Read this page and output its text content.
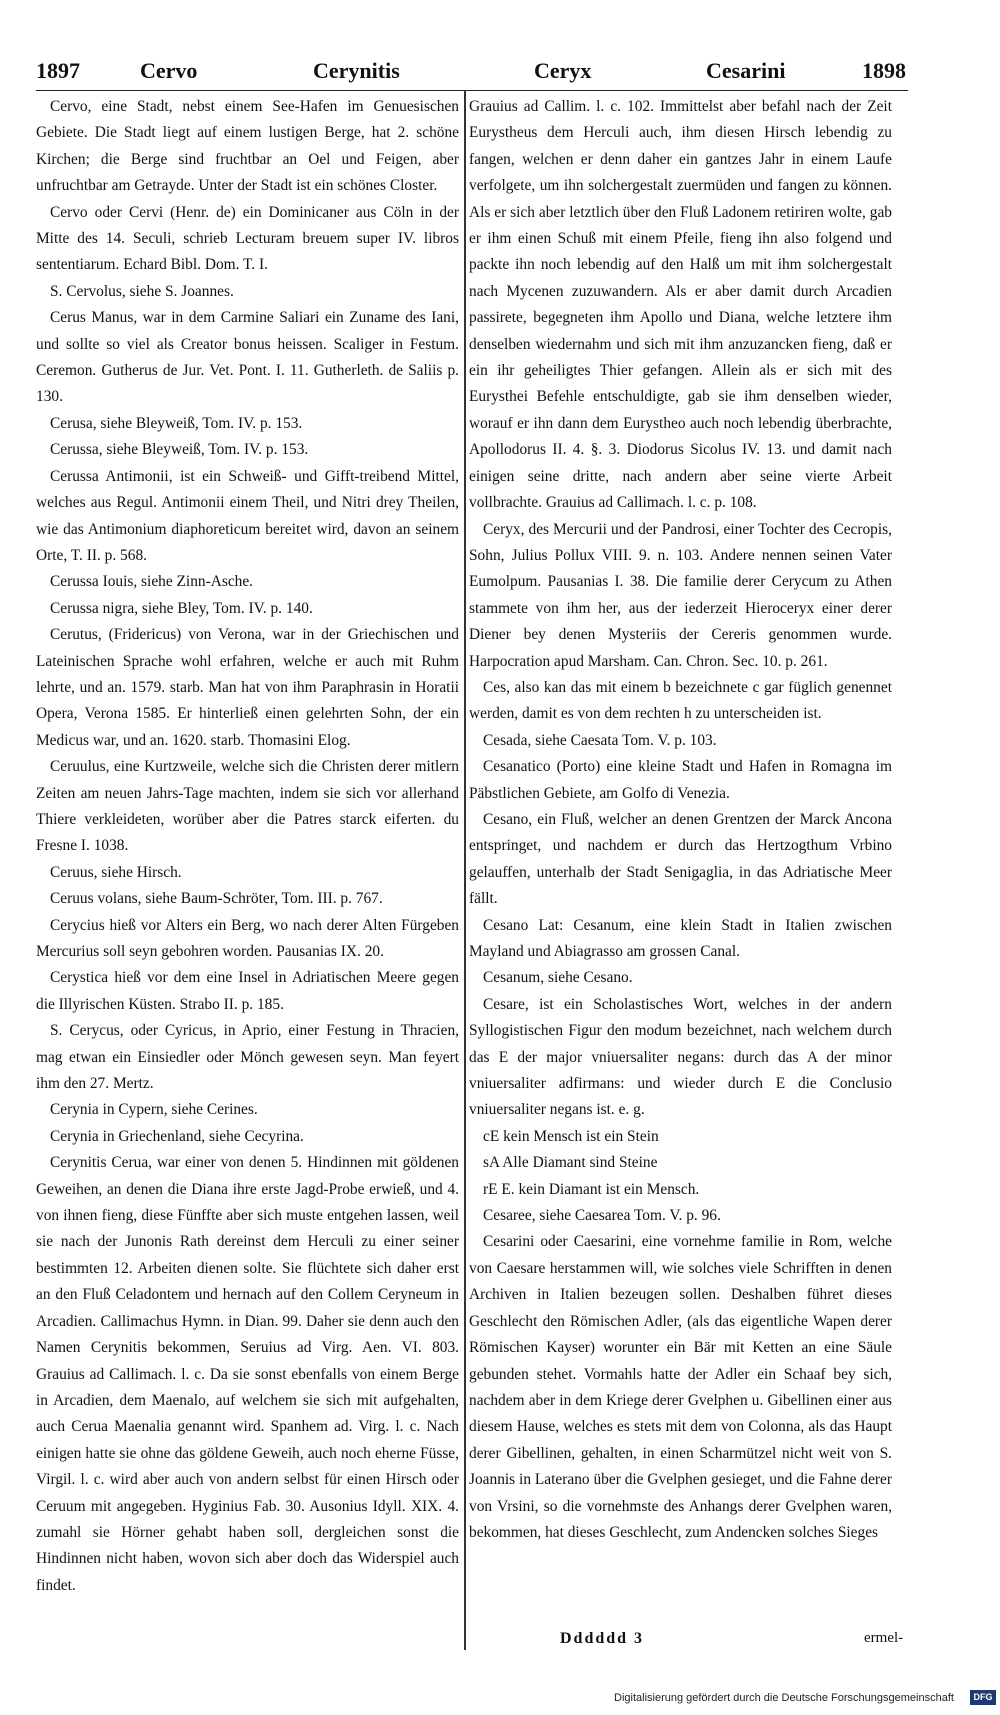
1897	Cervo	Cerynitis	Ceryx	Cesarini	1898

Cervo, eine Stadt, nebst einem See-Hafen im Genuesischen Gebiete. Die Stadt liegt auf einem lustigen Berge, hat 2. schöne Kirchen; die Berge sind fruchtbar an Oel und Feigen, aber unfruchtbar am Getrayde. Unter der Stadt ist ein schönes Closter.

Cervo oder Cervi (Henr. de) ein Dominicaner aus Cöln in der Mitte des 14. Seculi, schrieb Lecturam breuem super IV. libros sententiarum. Echard Bibl. Dom. T. I.

S. Cervolus, siehe S. Joannes.

Cerus Manus, war in dem Carmine Saliari ein Zuname des Iani, und sollte so viel als Creator bonus heissen. Scaliger in Festum. Ceremon. Gutherus de Jur. Vet. Pont. I. 11. Gutherleth. de Saliis p. 130.

Cerusa, siehe Bleyweiß, Tom. IV. p. 153.

Cerussa, siehe Bleyweiß, Tom. IV. p. 153.

Cerussa Antimonii, ist ein Schweiß- und Gifft-treibend Mittel, welches aus Regul. Antimonii einem Theil, und Nitri drey Theilen, wie das Antimonium diaphoreticum bereitet wird, davon an seinem Orte, T. II. p. 568.

Cerussa Iouis, siehe Zinn-Asche.

Cerussa nigra, siehe Bley, Tom. IV. p. 140.

Cerutus, (Fridericus) von Verona, war in der Griechischen und Lateinischen Sprache wohl erfahren, welche er auch mit Ruhm lehrte, und an. 1579. starb. Man hat von ihm Paraphrasin in Horatii Opera, Verona 1585. Er hinterließ einen gelehrten Sohn, der ein Medicus war, und an. 1620. starb. Thomasini Elog.

Ceruulus, eine Kurtzweile, welche sich die Christen derer mitlern Zeiten am neuen Jahrs-Tage machten, indem sie sich vor allerhand Thiere verkleideten, worüber aber die Patres starck eiferten. du Fresne I. 1038.

Ceruus, siehe Hirsch.

Ceruus volans, siehe Baum-Schröter, Tom. III. p. 767.

Cerycius hieß vor Alters ein Berg, wo nach derer Alten Fürgeben Mercurius soll seyn gebohren worden. Pausanias IX. 20.

Cerystica hieß vor dem eine Insel in Adriatischen Meere gegen die Illyrischen Küsten. Strabo II. p. 185.

S. Cerycus, oder Cyricus, in Aprio, einer Festung in Thracien, mag etwan ein Einsiedler oder Mönch gewesen seyn. Man feyert ihm den 27. Mertz.

Cerynia in Cypern, siehe Cerines.

Cerynia in Griechenland, siehe Cecyrina.

Cerynitis Cerua, war einer von denen 5. Hindinnen mit göldenen Geweihen, an denen die Diana ihre erste Jagd-Probe erwieß, und 4. von ihnen fieng, diese Fünffte aber sich muste entgehen lassen, weil sie nach der Junonis Rath dereinst dem Herculi zu einer seiner bestimmten 12. Arbeiten dienen solte. Sie flüchtete sich daher erst an den Fluß Celadontem und hernach auf den Collem Ceryneum in Arcadien. Callimachus Hymn. in Dian. 99. Daher sie denn auch den Namen Cerynitis bekommen, Seruius ad Virg. Aen. VI. 803. Grauius ad Callimach. l. c. Da sie sonst ebenfalls von einem Berge in Arcadien, dem Maenalo, auf welchem sie sich mit aufgehalten, auch Cerua Maenalia genannt wird. Spanhem ad. Virg. l. c. Nach einigen hatte sie ohne das göldene Geweih, auch noch eherne Füsse, Virgil. l. c. wird aber auch von andern selbst für einen Hirsch oder Ceruum mit angegeben. Hyginius Fab. 30. Ausonius Idyll. XIX. 4. zumahl sie Hörner gehabt haben soll, dergleichen sonst die Hindinnen nicht haben, wovon sich aber doch das Widerspiel auch findet.

Grauius ad Callim. l. c. 102. Immittelst aber befahl nach der Zeit Eurystheus dem Herculi auch, ihm diesen Hirsch lebendig zu fangen, welchen er denn daher ein gantzes Jahr in einem Laufe verfolgete, um ihn solchergestalt zuermüden und fangen zu können. Als er sich aber letztlich über den Fluß Ladonem retiriren wolte, gab er ihm einen Schuß mit einem Pfeile, fieng ihn also folgend und packte ihn noch lebendig auf den Halß um mit ihm solchergestalt nach Mycenen zuzuwandern. Als er aber damit durch Arcadien passirete, begegneten ihm Apollo und Diana, welche letztere ihm denselben wiedernahm und sich mit ihm anzuzancken fieng, daß er ein ihr geheiligtes Thier gefangen. Allein als er sich mit des Eurysthei Befehle entschuldigte, gab sie ihm denselben wieder, worauf er ihn dann dem Eurystheo auch noch lebendig überbrachte, Apollodorus II. 4. §. 3. Diodorus Sicolus IV. 13. und damit nach einigen seine dritte, nach andern aber seine vierte Arbeit vollbrachte. Grauius ad Callimach. l. c. p. 108.

Ceryx, des Mercurii und der Pandrosi, einer Tochter des Cecropis, Sohn, Julius Pollux VIII. 9. n. 103. Andere nennen seinen Vater Eumolpum. Pausanias I. 38. Die familie derer Cerycum zu Athen stammete von ihm her, aus der iederzeit Hieroceryx einer derer Diener bey denen Mysteriis der Cereris genommen wurde. Harpocration apud Marsham. Can. Chron. Sec. 10. p. 261.

Ces, also kan das mit einem b bezeichnete c gar füglich genennet werden, damit es von dem rechten h zu unterscheiden ist.

Cesada, siehe Caesata Tom. V. p. 103.

Cesanatico (Porto) eine kleine Stadt und Hafen in Romagna im Päbstlichen Gebiete, am Golfo di Venezia.

Cesano, ein Fluß, welcher an denen Grentzen der Marck Ancona entspringet, und nachdem er durch das Hertzogthum Vrbino gelauffen, unterhalb der Stadt Senigaglia, in das Adriatische Meer fällt.

Cesano Lat: Cesanum, eine klein Stadt in Italien zwischen Mayland und Abiagrasso am grossen Canal.

Cesanum, siehe Cesano.

Cesare, ist ein Scholastisches Wort, welches in der andern Syllogistischen Figur den modum bezeichnet, nach welchem durch das E der major vniuersaliter negans: durch das A der minor vniuersaliter adfirmans: und wieder durch E die Conclusio vniuersaliter negans ist. e. g.

cE kein Mensch ist ein Stein

sA Alle Diamant sind Steine

rE E. kein Diamant ist ein Mensch.

Cesaree, siehe Caesarea Tom. V. p. 96.

Cesarini oder Caesarini, eine vornehme familie in Rom, welche von Caesare herstammen will, wie solches viele Schrifften in denen Archiven in Italien bezeugen sollen. Deshalben führet dieses Geschlecht den Römischen Adler, (als das eigentliche Wapen derer Römischen Kayser) worunter ein Bär mit Ketten an eine Säule gebunden stehet. Vormahls hatte der Adler ein Schaaf bey sich, nachdem aber in dem Kriege derer Gvelphen u. Gibellinen einer aus diesem Hause, welches es stets mit dem von Colonna, als das Haupt derer Gibellinen, gehalten, in einen Scharmützel nicht weit von S. Joannis in Laterano über die Gvelphen gesieget, und die Fahne derer von Vrsini, so die vornehmste des Anhangs derer Gvelphen waren, bekommen, hat dieses Geschlecht, zum Andencken solches Sieges

Dddddd 3	ermel-
Digitalisierung gefördert durch die Deutsche Forschungsgemeinschaft	DFG
